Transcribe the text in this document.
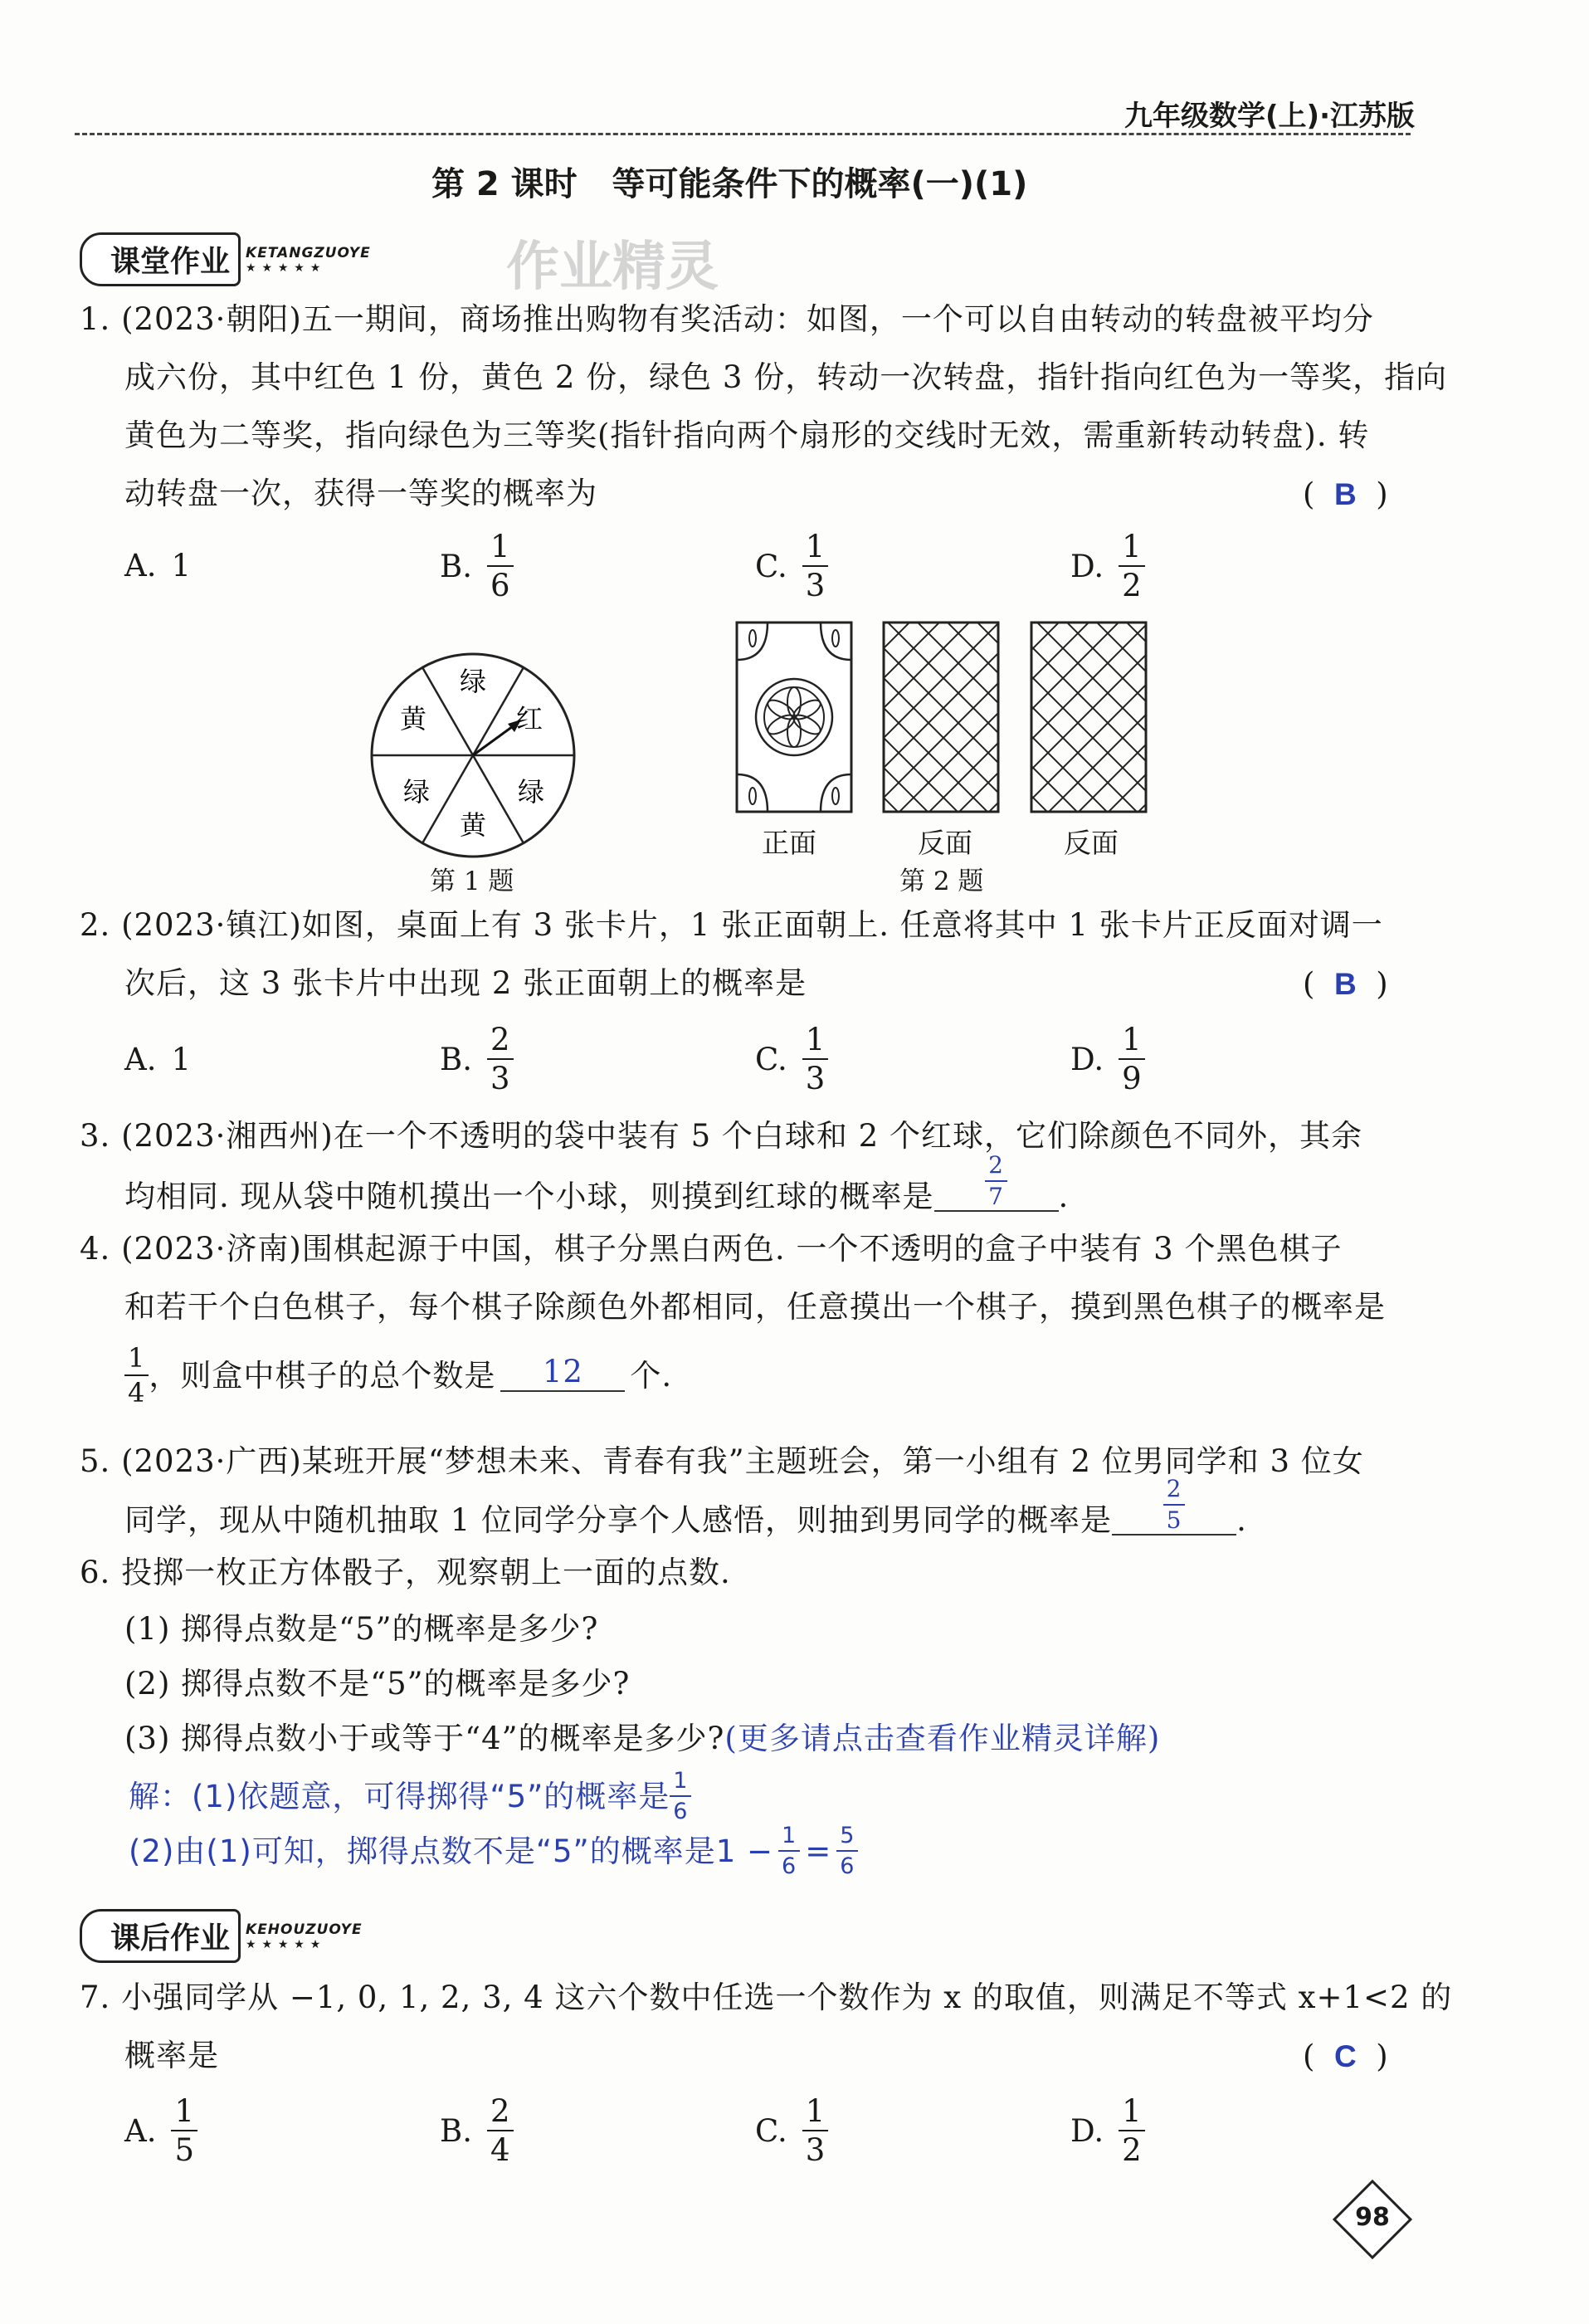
九年级数学(上)·江苏版
第 2 课时   等可能条件下的概率(一)(1)
课堂作业	KETANGZUOYE
★ ★ ★ ★ ★	作业精灵
1. (2023·朝阳)五一期间，商场推出购物有奖活动：如图，一个可以自由转动的转盘被平均分
成六份，其中红色 1 份，黄色 2 份，绿色 3 份，转动一次转盘，指针指向红色为一等奖，指向
黄色为二等奖，指向绿色为三等奖(指针指向两个扇形的交线时无效，需重新转动转盘). 转
动转盘一次，获得一等奖的概率为	(  B  )
A. 1	B. $\frac{1}{6}$	C. $\frac{1}{3}$	D. $\frac{1}{2}$
绿
红
绿
黄
绿
黄
第 1 题
正面	反面	反面
第 2 题
2. (2023·镇江)如图，桌面上有 3 张卡片，1 张正面朝上. 任意将其中 1 张卡片正反面对调一
次后，这 3 张卡片中出现 2 张正面朝上的概率是	(  B  )
A. 1	B. $\frac{2}{3}$	C. $\frac{1}{3}$	D. $\frac{1}{9}$
3. (2023·湘西州)在一个不透明的袋中装有 5 个白球和 2 个红球，它们除颜色不同外，其余
均相同. 现从袋中随机摸出一个小球，则摸到红球的概率是 $\frac{2}{7}$ .
4. (2023·济南)围棋起源于中国，棋子分黑白两色. 一个不透明的盒子中装有 3 个黑色棋子
和若干个白色棋子，每个棋子除颜色外都相同，任意摸出一个棋子，摸到黑色棋子的概率是
$\frac{1}{4}$ ，则盒中棋子的总个数是	12	个.
5. (2023·广西)某班开展“梦想未来、青春有我”主题班会，第一小组有 2 位男同学和 3 位女
同学，现从中随机抽取 1 位同学分享个人感悟，则抽到男同学的概率是 $\frac{2}{5}$ .
6. 投掷一枚正方体骰子，观察朝上一面的点数.
(1) 掷得点数是“5”的概率是多少?
(2) 掷得点数不是“5”的概率是多少?
(3) 掷得点数小于或等于“4”的概率是多少?(更多请点击查看作业精灵详解)
解：(1)依题意，可得掷得“5”的概率是 $\frac{1}{6}$
(2)由(1)可知，掷得点数不是“5”的概率是$1 - \frac{1}{6} = \frac{5}{6}$
课后作业	KEHOUZUOYE
★ ★ ★ ★ ★
7. 小强同学从 −1, 0, 1, 2, 3, 4 这六个数中任选一个数作为 x 的取值，则满足不等式 x+1<2 的
概率是	(  C  )
A. $\frac{1}{5}$	B. $\frac{2}{4}$	C. $\frac{1}{3}$	D. $\frac{1}{2}$
98
